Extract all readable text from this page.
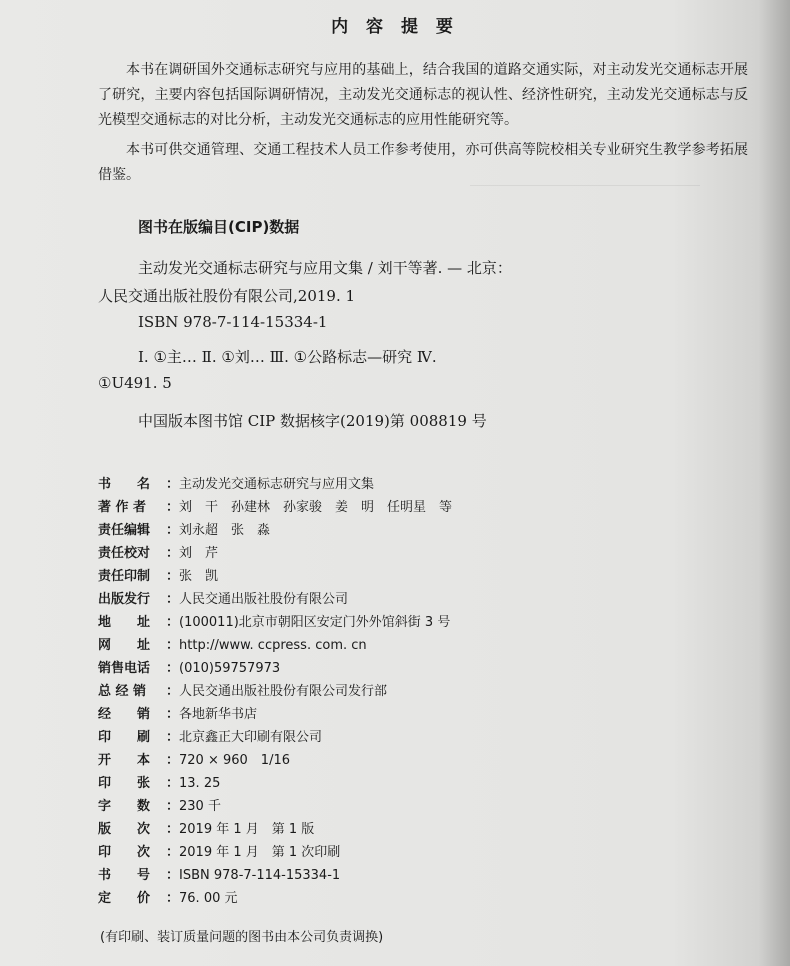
内 容 提 要

本书在调研国外交通标志研究与应用的基础上，结合我国的道路交通实际，对主动发光交通标志开展了研究，主要内容包括国际调研情况，主动发光交通标志的视认性、经济性研究，主动发光交通标志与反光模型交通标志的对比分析，主动发光交通标志的应用性能研究等。

本书可供交通管理、交通工程技术人员工作参考使用，亦可供高等院校相关专业研究生教学参考拓展借鉴。

图书在版编目(CIP)数据
主动发光交通标志研究与应用文集 / 刘干等著. — 北京：
人民交通出版社股份有限公司,2019. 1
ISBN 978-7-114-15334-1
Ⅰ. ①主… Ⅱ. ①刘… Ⅲ. ①公路标志—研究 Ⅳ.
①U491. 5
中国版本图书馆 CIP 数据核字(2019)第 008819 号
书　　名	： 主动发光交通标志研究与应用文集
著 作 者	： 刘　干　孙建林　孙家骏　姜　明　任明星　等
责任编辑	： 刘永超　张　淼
责任校对	： 刘　芹
责任印制	： 张　凯
出版发行	： 人民交通出版社股份有限公司
地　　址	： (100011)北京市朝阳区安定门外外馆斜街 3 号
网　　址	： http://www. ccpress. com. cn
销售电话	： (010)59757973
总 经 销	： 人民交通出版社股份有限公司发行部
经　　销	： 各地新华书店
印　　刷	： 北京鑫正大印刷有限公司
开　　本	： 720 × 960　1/16
印　　张	： 13. 25
字　　数	： 230 千
版　　次	： 2019 年 1 月　第 1 版
印　　次	： 2019 年 1 月　第 1 次印刷
书　　号	： ISBN 978-7-114-15334-1
定　　价	： 76. 00 元
(有印刷、装订质量问题的图书由本公司负责调换)
